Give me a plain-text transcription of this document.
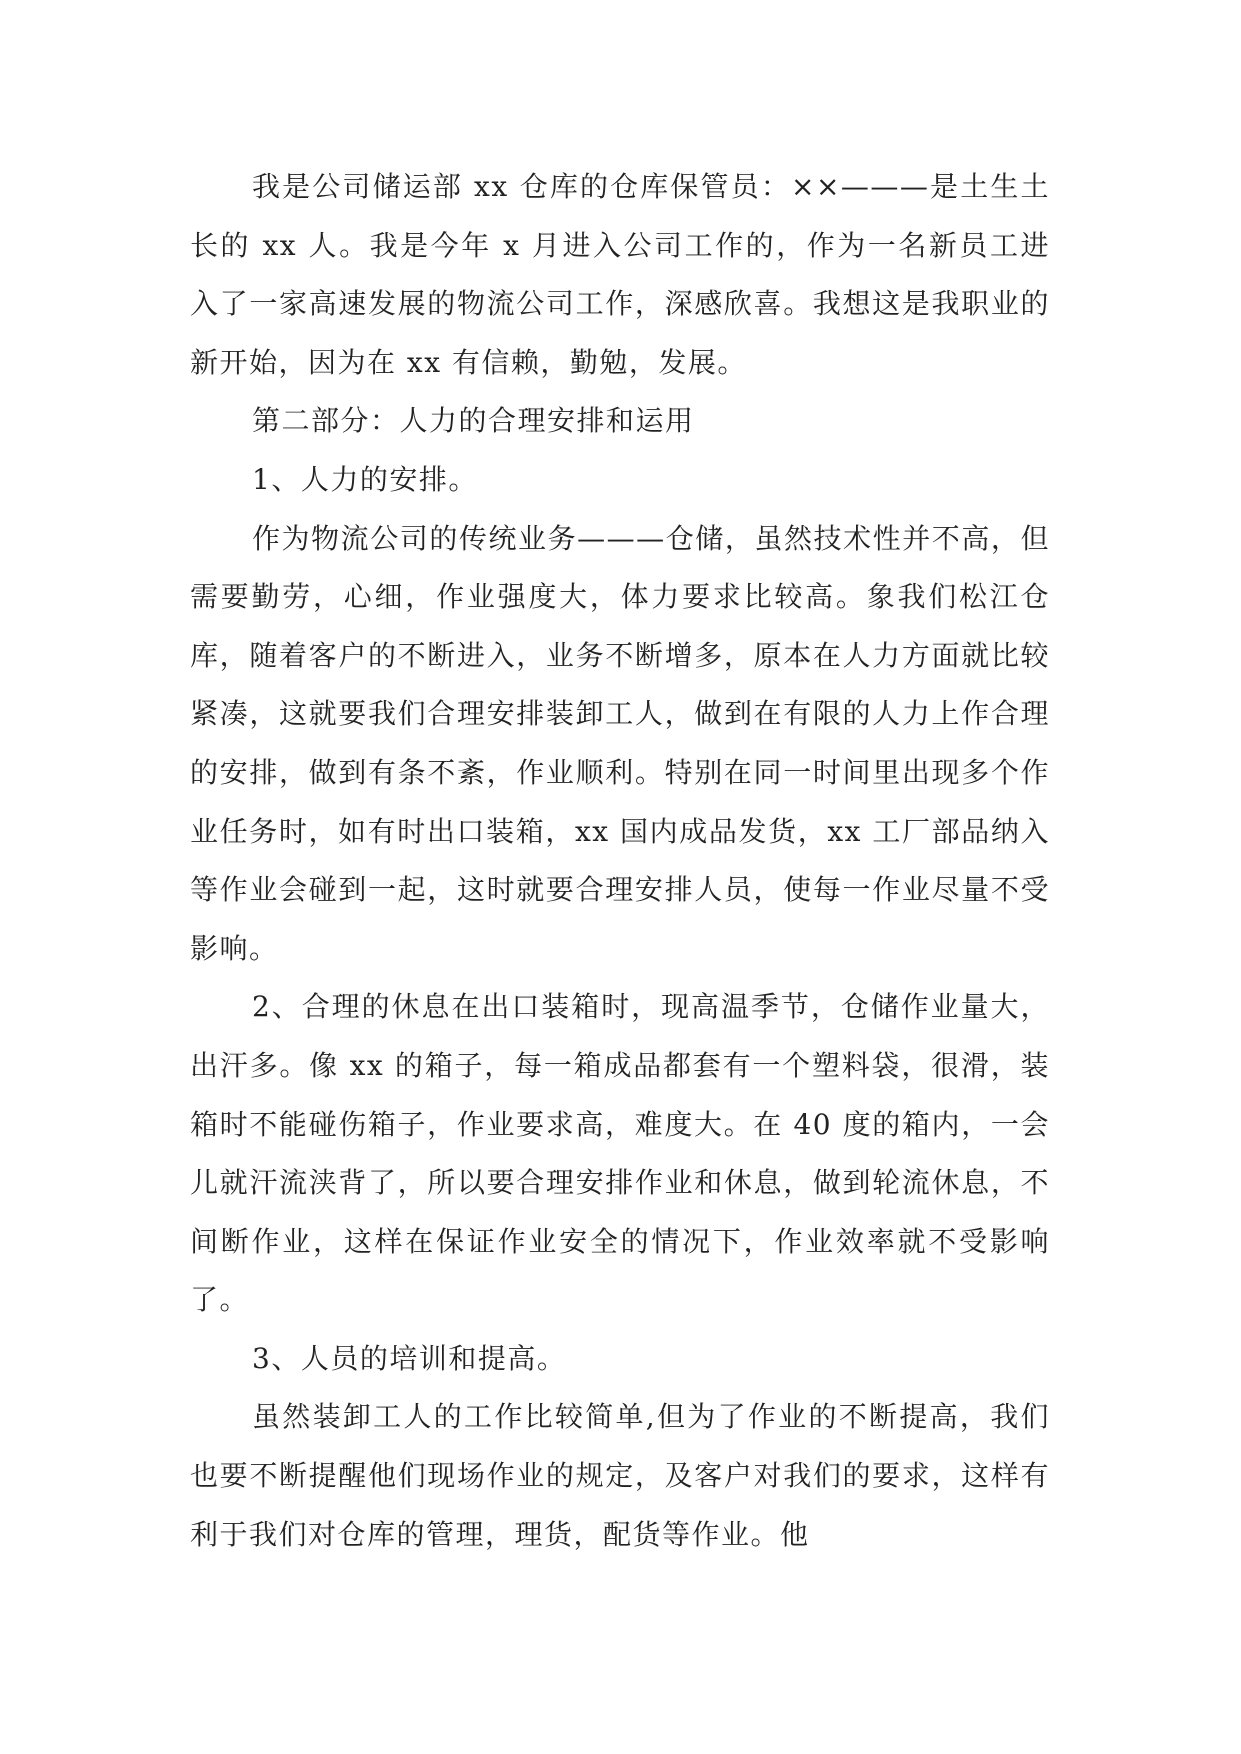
我是公司储运部 xx 仓库的仓库保管员：××———是土生土长的 xx 人。我是今年 x 月进入公司工作的，作为一名新员工进入了一家高速发展的物流公司工作，深感欣喜。我想这是我职业的新开始，因为在 xx 有信赖，勤勉，发展。

第二部分：人力的合理安排和运用

1、人力的安排。

作为物流公司的传统业务———仓储，虽然技术性并不高，但需要勤劳，心细，作业强度大，体力要求比较高。象我们松江仓库，随着客户的不断进入，业务不断增多，原本在人力方面就比较紧凑，这就要我们合理安排装卸工人，做到在有限的人力上作合理的安排，做到有条不紊，作业顺利。特别在同一时间里出现多个作业任务时，如有时出口装箱，xx 国内成品发货，xx 工厂部品纳入等作业会碰到一起，这时就要合理安排人员，使每一作业尽量不受影响。

2、合理的休息在出口装箱时，现高温季节，仓储作业量大，出汗多。像 xx 的箱子，每一箱成品都套有一个塑料袋，很滑，装箱时不能碰伤箱子，作业要求高，难度大。在 40 度的箱内，一会儿就汗流浃背了，所以要合理安排作业和休息，做到轮流休息，不间断作业，这样在保证作业安全的情况下，作业效率就不受影响了。

3、人员的培训和提高。

虽然装卸工人的工作比较简单,但为了作业的不断提高，我们也要不断提醒他们现场作业的规定，及客户对我们的要求，这样有利于我们对仓库的管理，理货，配货等作业。他
